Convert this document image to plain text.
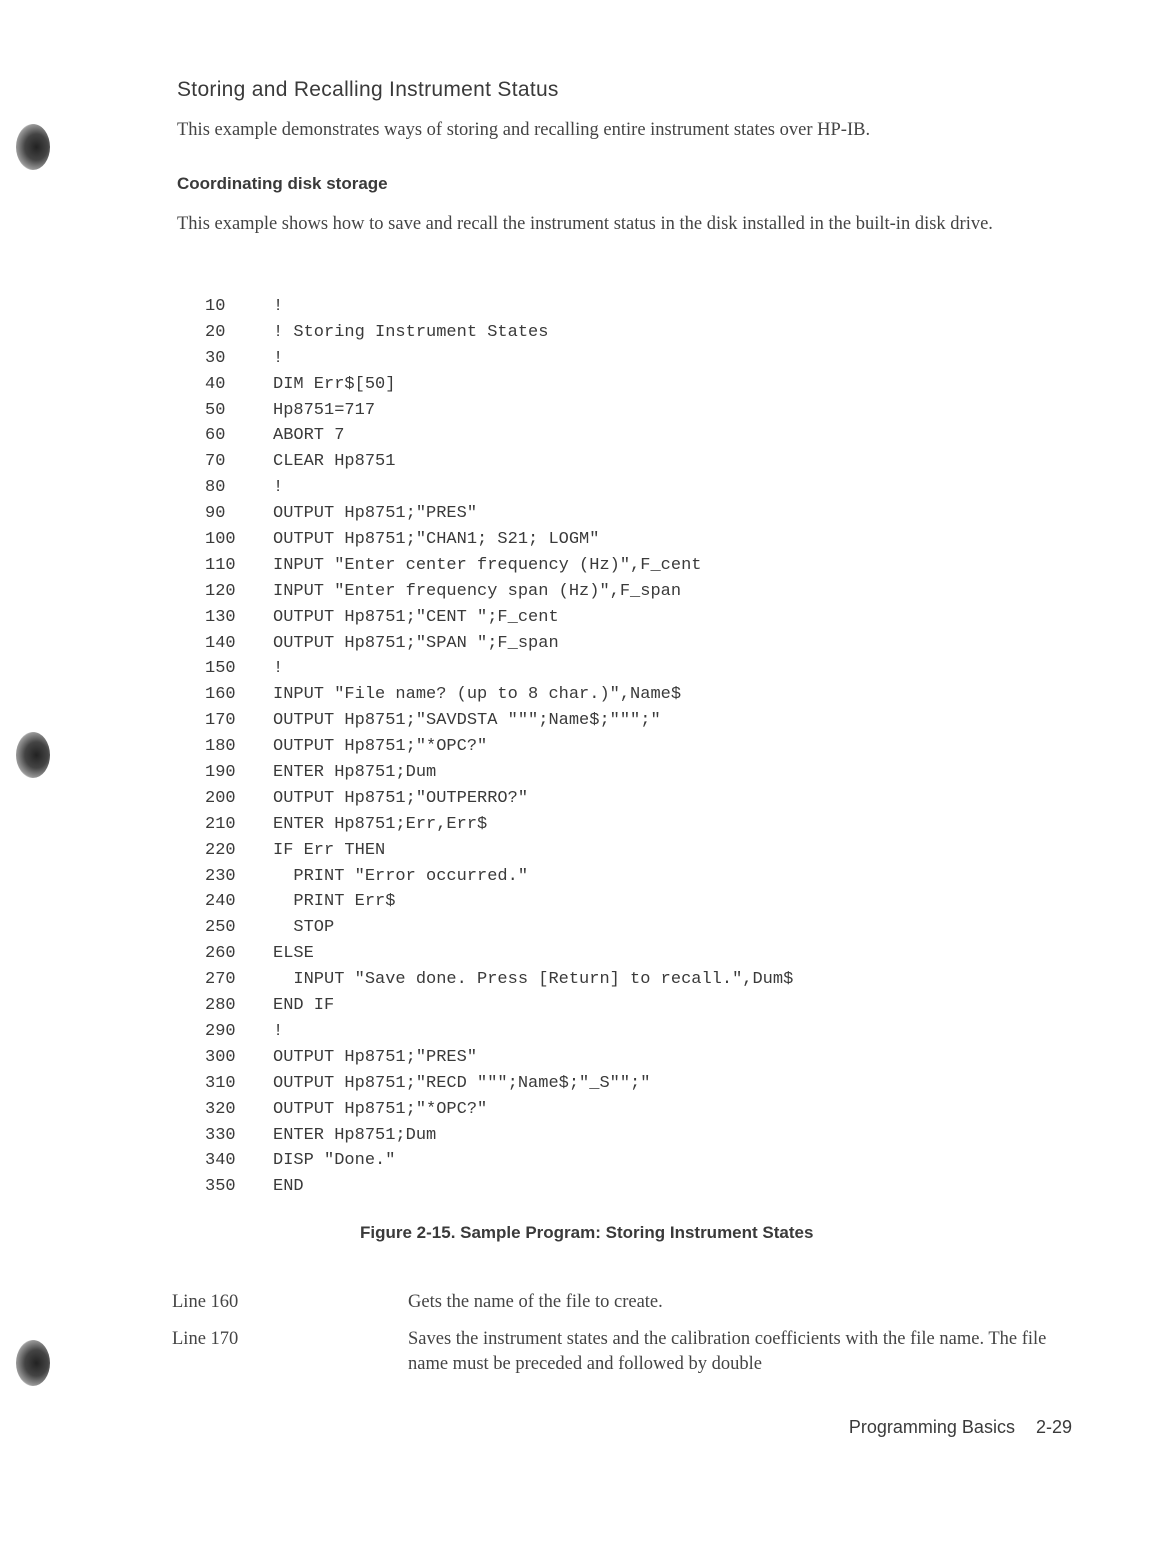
Storing and Recalling Instrument Status

This example demonstrates ways of storing and recalling entire instrument states over HP-IB.

Coordinating disk storage

This example shows how to save and recall the instrument status in the disk installed in the built-in disk drive.

10	!
20	! Storing Instrument States
30	!
40	DIM Err$[50]
50	Hp8751=717
60	ABORT 7
70	CLEAR Hp8751
80	!
90	OUTPUT Hp8751;"PRES"
100	OUTPUT Hp8751;"CHAN1; S21; LOGM"
110	INPUT "Enter center frequency (Hz)",F_cent
120	INPUT "Enter frequency span (Hz)",F_span
130	OUTPUT Hp8751;"CENT ";F_cent
140	OUTPUT Hp8751;"SPAN ";F_span
150	!
160	INPUT "File name? (up to 8 char.)",Name$
170	OUTPUT Hp8751;"SAVDSTA """;Name$;""";"
180	OUTPUT Hp8751;"*OPC?"
190	ENTER Hp8751;Dum
200	OUTPUT Hp8751;"OUTPERRO?"
210	ENTER Hp8751;Err,Err$
220	IF Err THEN
230	PRINT "Error occurred."
240	PRINT Err$
250	STOP
260	ELSE
270	INPUT "Save done. Press [Return] to recall.",Dum$
280	END IF
290	!
300	OUTPUT Hp8751;"PRES"
310	OUTPUT Hp8751;"RECD """;Name$;"_S"";"
320	OUTPUT Hp8751;"*OPC?"
330	ENTER Hp8751;Dum
340	DISP "Done."
350	END

Figure 2-15. Sample Program: Storing Instrument States

Line 160	Gets the name of the file to create.
Line 170	Saves the instrument states and the calibration coefficients with the file name. The file name must be preceded and followed by double
Programming Basics 2-29
